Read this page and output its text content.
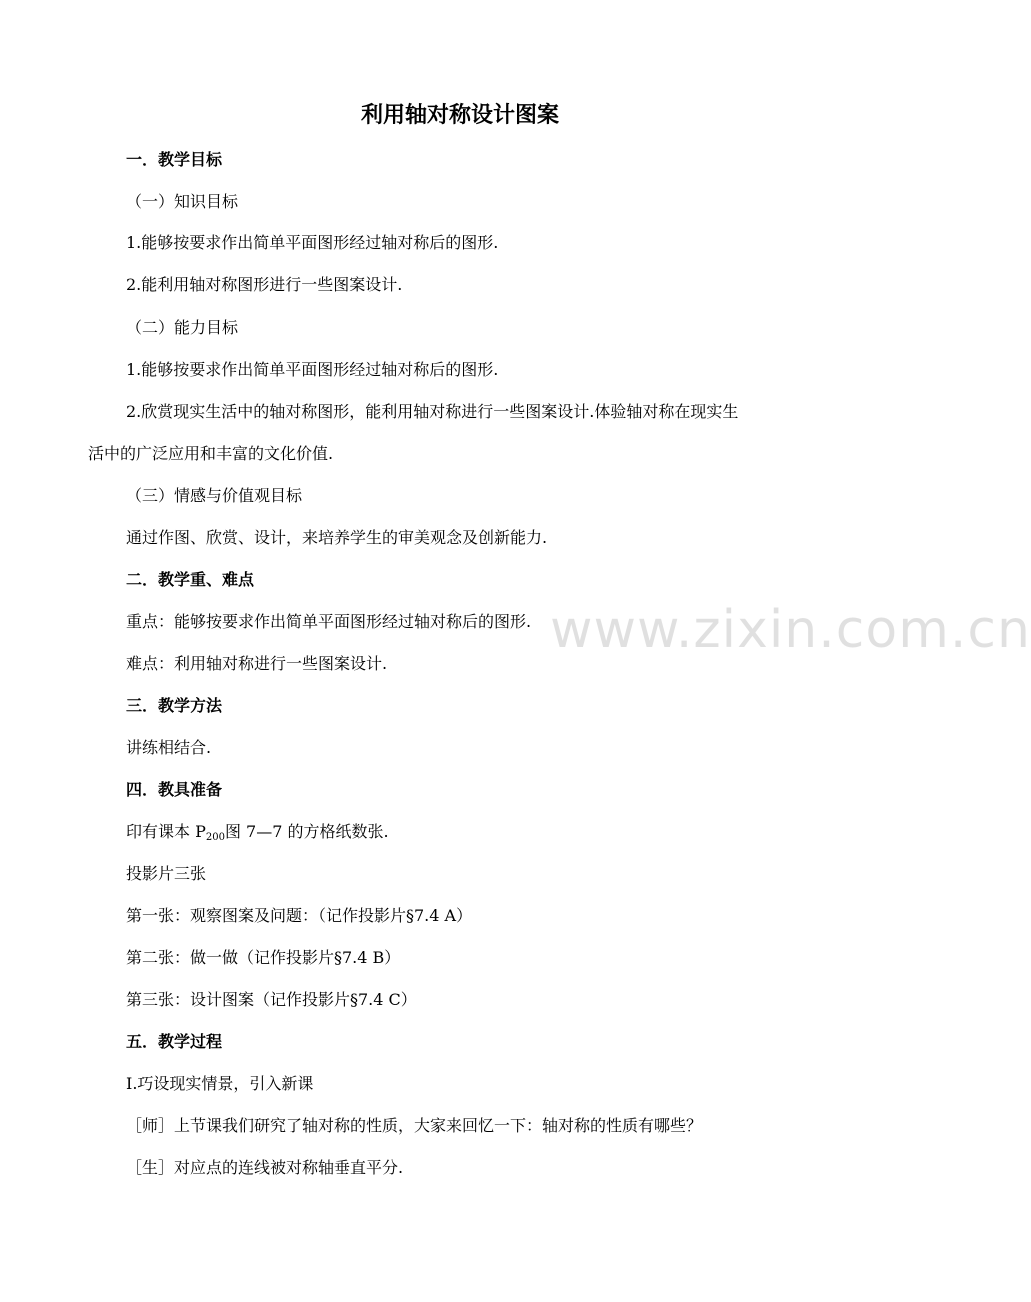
利用轴对称设计图案
一．教学目标
（一）知识目标
1.能够按要求作出简单平面图形经过轴对称后的图形.
2.能利用轴对称图形进行一些图案设计.
（二）能力目标
1.能够按要求作出简单平面图形经过轴对称后的图形.
2.欣赏现实生活中的轴对称图形，能利用轴对称进行一些图案设计.体验轴对称在现实生
活中的广泛应用和丰富的文化价值.
（三）情感与价值观目标
通过作图、欣赏、设计，来培养学生的审美观念及创新能力.
二．教学重、难点
重点：能够按要求作出简单平面图形经过轴对称后的图形.
难点：利用轴对称进行一些图案设计.
三．教学方法
讲练相结合.
四．教具准备
印有课本 $P_{200}$图 7—7 的方格纸数张.
投影片三张
第一张：观察图案及问题：（记作投影片§7.4 A）
第二张：做一做（记作投影片§7.4 B）
第三张：设计图案（记作投影片§7.4 C）
五．教学过程
Ⅰ.巧设现实情景，引入新课
［师］上节课我们研究了轴对称的性质，大家来回忆一下：轴对称的性质有哪些？
［生］对应点的连线被对称轴垂直平分.
www.zixin.com.cn
